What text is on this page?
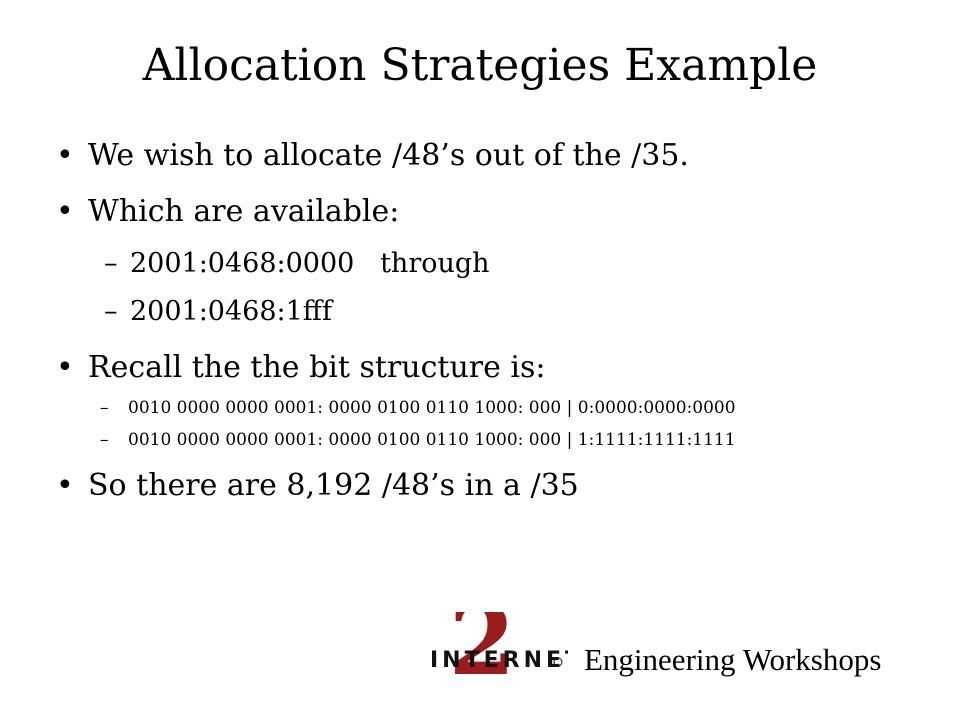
Allocation Strategies Example
• We wish to allocate /48’s out of the /35.
• Which are available:
– 2001:0468:0000   through
– 2001:0468:1fff
• Recall the the bit structure is:
– 0010 0000 0000 0001: 0000 0100 0110 1000: 000 | 0:0000:0000:0000
– 0010 0000 0000 0001: 0000 0100 0110 1000: 000 | 1:1111:1111:1111
• So there are 8,192 /48’s in a /35
2
INTERNE Engineering Workshops
